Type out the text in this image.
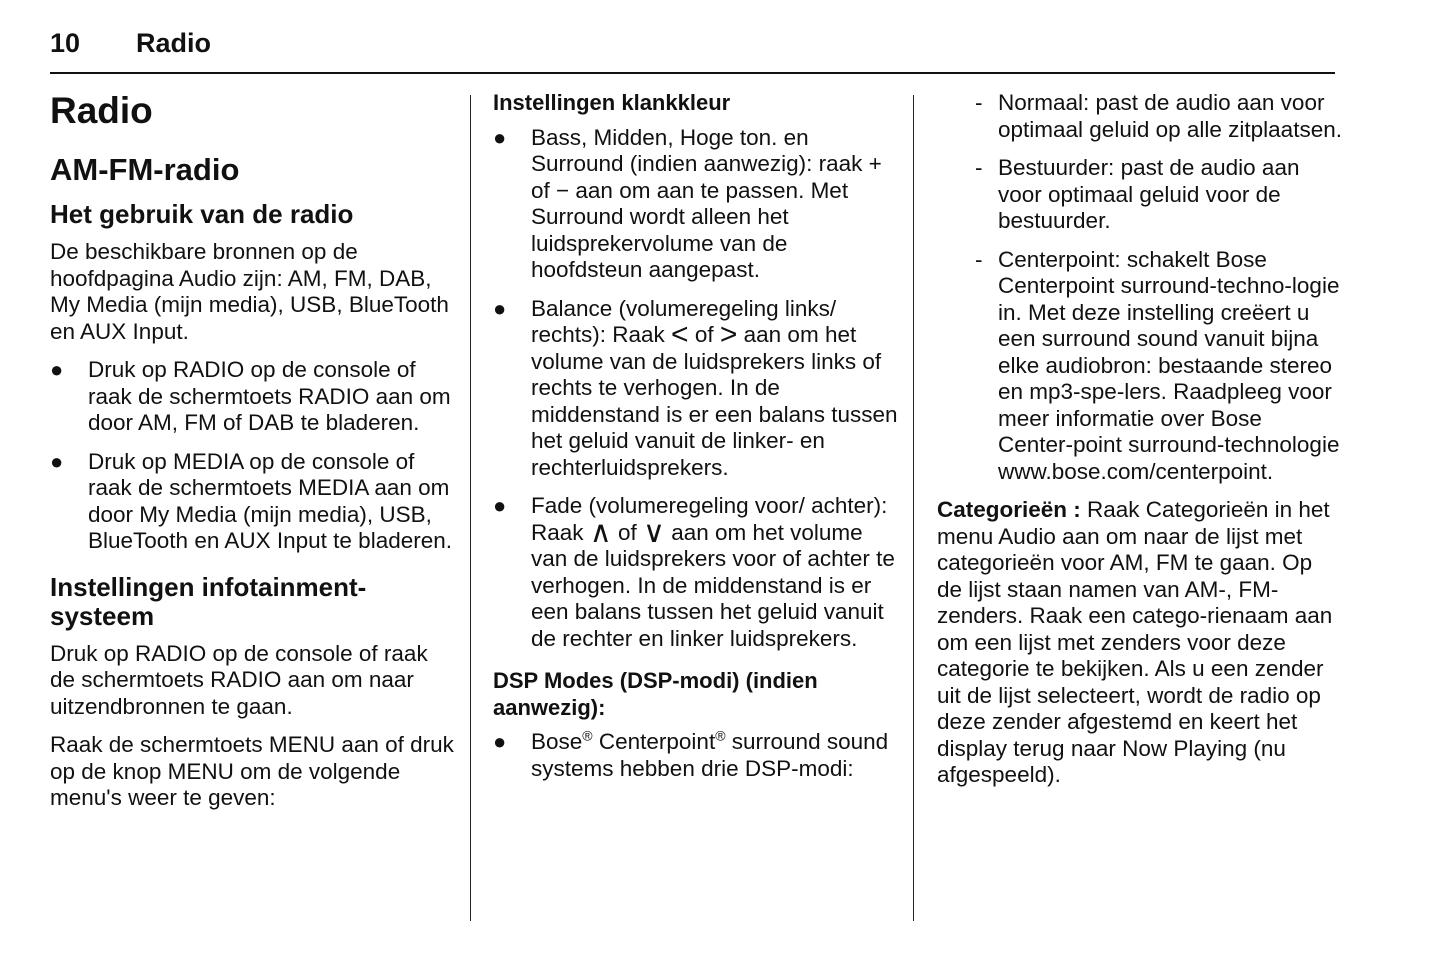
10 Radio
Radio
AM-FM-radio
Het gebruik van de radio

De beschikbare bronnen op de hoofdpagina Audio zijn: AM, FM, DAB, My Media (mijn media), USB, BlueTooth en AUX Input.

● Druk op RADIO op de console of raak de schermtoets RADIO aan om door AM, FM of DAB te bladeren.
● Druk op MEDIA op de console of raak de schermtoets MEDIA aan om door My Media (mijn media), USB, BlueTooth en AUX Input te bladeren.
Instellingen infotainment-systeem

Druk op RADIO op de console of raak de schermtoets RADIO aan om naar uitzendbronnen te gaan.

Raak de schermtoets MENU aan of druk op de knop MENU om de volgende menu's weer te geven:

Instellingen klankkleur
● Bass, Midden, Hoge ton. en Surround (indien aanwezig): raak + of − aan om aan te passen. Met Surround wordt alleen het luidsprekervolume van de hoofdsteun aangepast.
● Balance (volumeregeling links/ rechts): Raak < of > aan om het volume van de luidsprekers links of rechts te verhogen. In de middenstand is er een balans tussen het geluid vanuit de linker- en rechterluidsprekers.
● Fade (volumeregeling voor/ achter): Raak ∧ of ∨ aan om het volume van de luidsprekers voor of achter te verhogen. In de middenstand is er een balans tussen het geluid vanuit de rechter en linker luidsprekers.
DSP Modes (DSP-modi) (indien aanwezig):
● Bose® Centerpoint® surround sound systems hebben drie DSP-modi:
- Normaal: past de audio aan voor optimaal geluid op alle zitplaatsen.
- Bestuurder: past de audio aan voor optimaal geluid voor de bestuurder.
- Centerpoint: schakelt Bose Centerpoint surround-techno-logie in. Met deze instelling creëert u een surround sound vanuit bijna elke audiobron: bestaande stereo en mp3-spe-lers. Raadpleeg voor meer informatie over Bose Center-point surround-technologie www.bose.com/centerpoint.

Categorieën : Raak Categorieën in het menu Audio aan om naar de lijst met categorieën voor AM, FM te gaan. Op de lijst staan namen van AM-, FM-zenders. Raak een catego-rienaam aan om een lijst met zenders voor deze categorie te bekijken. Als u een zender uit de lijst selecteert, wordt de radio op deze zender afgestemd en keert het display terug naar Now Playing (nu afgespeeld).
